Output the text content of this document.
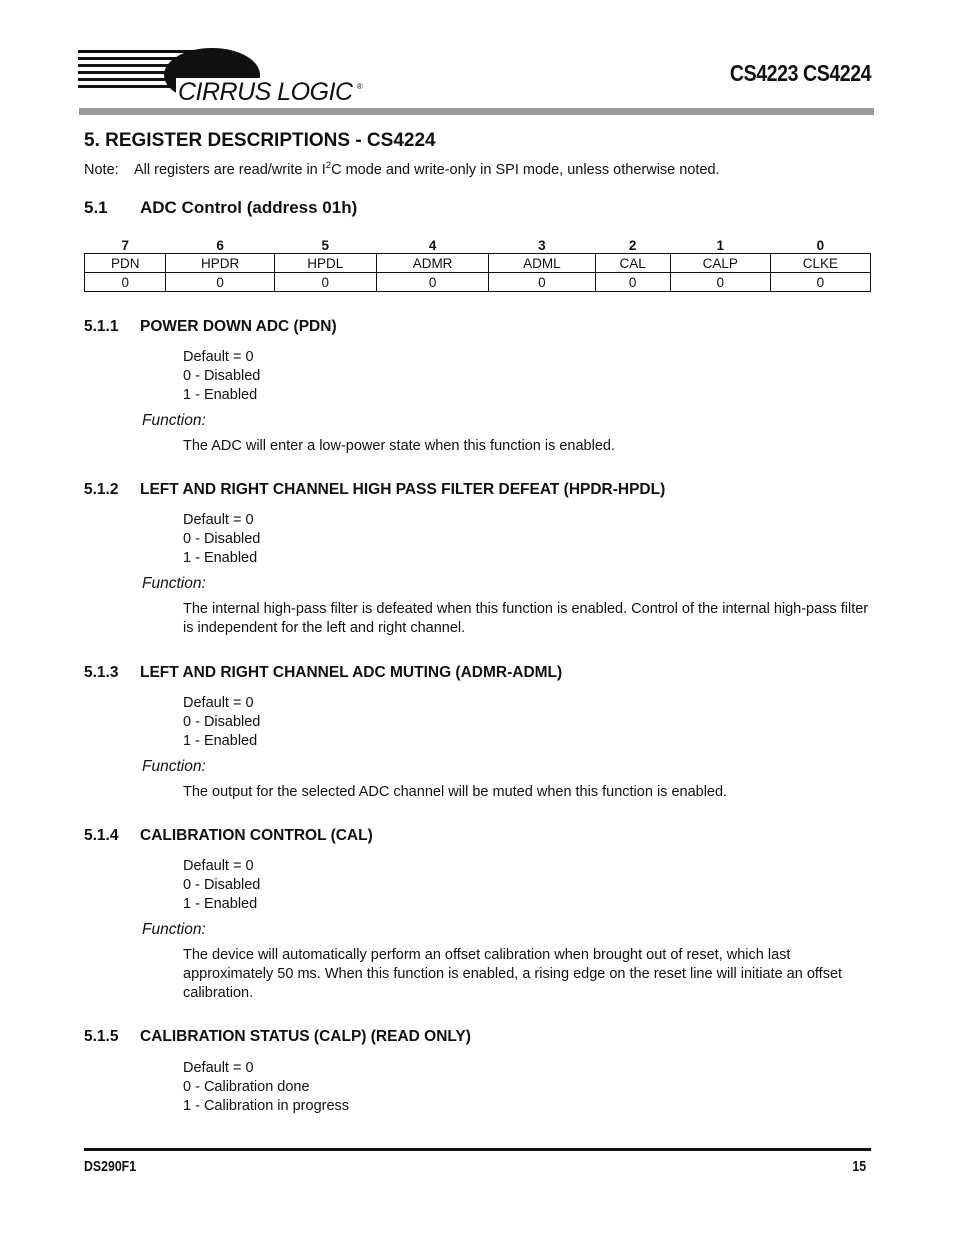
CIRRUS LOGIC ®
CS4223 CS4224
5. REGISTER DESCRIPTIONS - CS4224
Note: All registers are read/write in $I^2C$ mode and write-only in SPI mode, unless otherwise noted.
5.1 ADC Control (address 01h)
7	6	5	4	3	2	1	0
PDN	HPDR	HPDL	ADMR	ADML	CAL	CALP	CLKE
0	0	0	0	0	0	0	0
5.1.1 POWER DOWN ADC (PDN)
Default = 0
0 - Disabled
1 - Enabled
Function:
The ADC will enter a low-power state when this function is enabled.
5.1.2 LEFT AND RIGHT CHANNEL HIGH PASS FILTER DEFEAT (HPDR-HPDL)
Default = 0
0 - Disabled
1 - Enabled
Function:
The internal high-pass filter is defeated when this function is enabled. Control of the internal high-pass filter is independent for the left and right channel.
5.1.3 LEFT AND RIGHT CHANNEL ADC MUTING (ADMR-ADML)
Default = 0
0 - Disabled
1 - Enabled
Function:
The output for the selected ADC channel will be muted when this function is enabled.
5.1.4 CALIBRATION CONTROL (CAL)
Default = 0
0 - Disabled
1 - Enabled
Function:
The device will automatically perform an offset calibration when brought out of reset, which last approximately 50 ms. When this function is enabled, a rising edge on the reset line will initiate an offset calibration.
5.1.5 CALIBRATION STATUS (CALP) (READ ONLY)
Default = 0
0 - Calibration done
1 - Calibration in progress
DS290F1	15
